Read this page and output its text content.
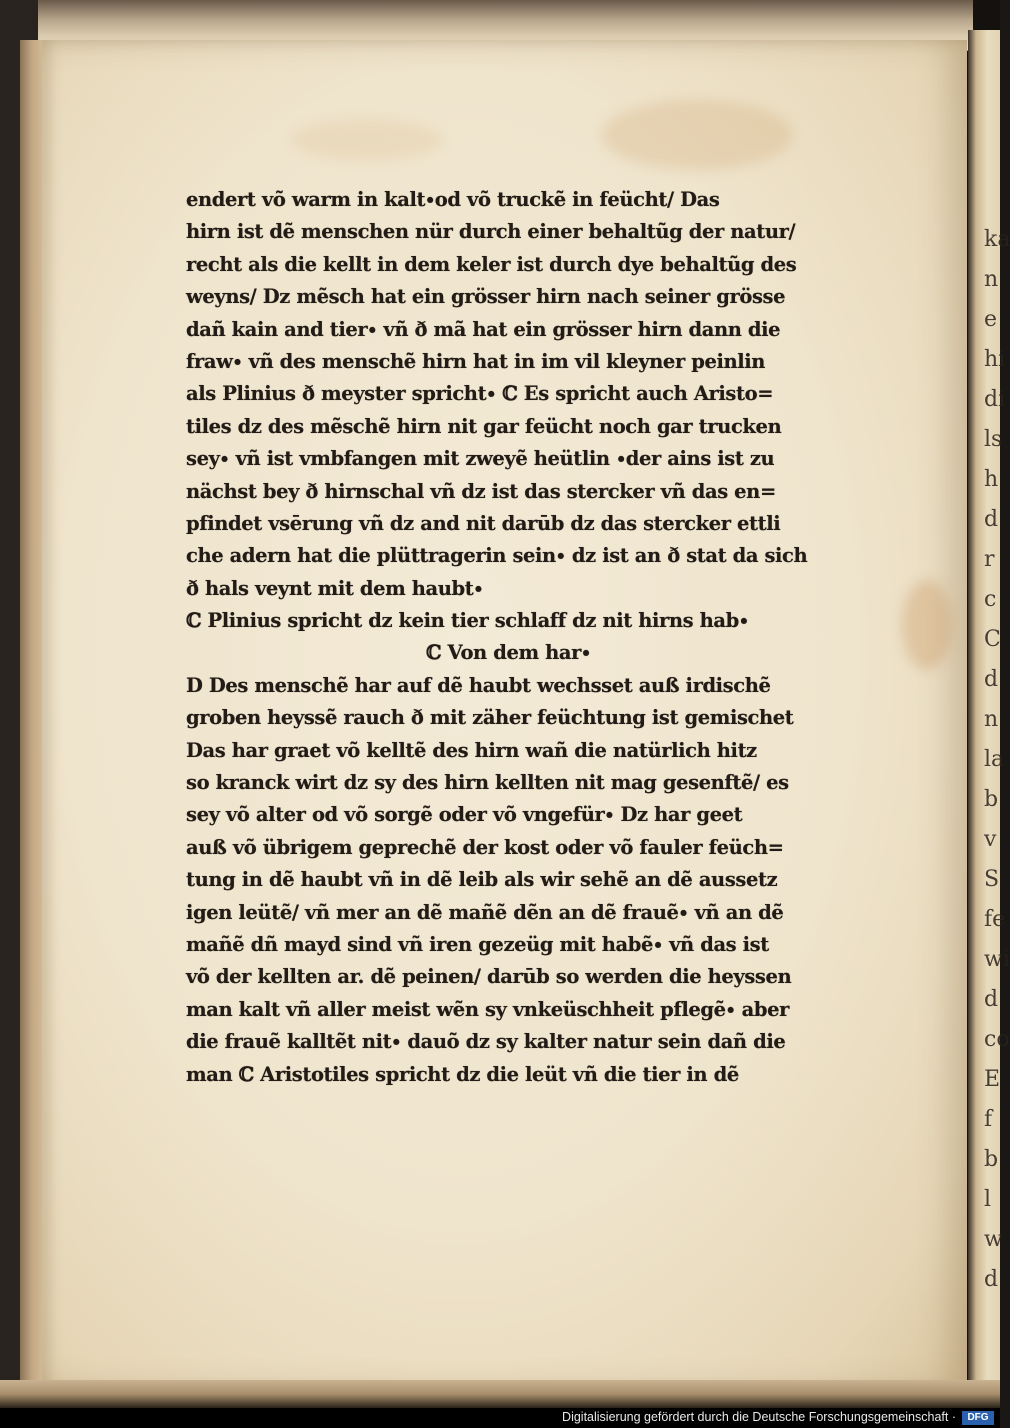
ka
n
e
hi
di
ls
h
d
r
c
C
d
n
la
b
v
S
fe
wi
d
co
E
f
b
l
w
d
endert võ warm in kalt∙od võ truckẽ in feücht/ Das
hirn ist dẽ menschen nür durch einer behaltũg der natur/
recht als die kellt in dem keler ist durch dye behaltũg des
weyns/ Dz mẽsch hat ein grösser hirn nach seiner grösse
dañ kain and tier∙ vñ ð mã hat ein grösser hirn dann die
fraw∙ vñ des menschẽ hirn hat in im vil kleyner peinlin
als Plinius ð meyster spricht∙ ℂ Es spricht auch Aristo=
tiles dz des mẽschẽ hirn nit gar feücht noch gar trucken
sey∙ vñ ist vmbfangen mit zweyẽ heütlin ∙der ains ist zu
nächst bey ð hirnschal vñ dz ist das stercker vñ das en=
pfindet vsērung vñ dz and nit darūb dz das stercker ettli
che adern hat die plüttragerin sein∙ dz ist an ð stat da sich
ð hals veynt mit dem haubt∙
ℂ Plinius spricht dz kein tier schlaff dz nit hirns hab∙
ℂ Von dem har∙
D Des menschẽ har auf dẽ haubt wechsset auß irdischẽ
groben heyssẽ rauch ð mit zäher feüchtung ist gemischet
Das har graet võ kelltẽ des hirn wañ die natürlich hitz
so kranck wirt dz sy des hirn kellten nit mag gesenftẽ/ es
sey võ alter od võ sorgẽ oder võ vngefür∙ Dz har geet
auß võ übrigem geprechẽ der kost oder võ fauler feüch=
tung in dẽ haubt vñ in dẽ leib als wir sehẽ an dẽ aussetz
igen leütẽ/ vñ mer an dẽ mañẽ dẽn an dẽ frauẽ∙ vñ an dẽ
mañẽ dñ mayd sind vñ iren gezeüg mit habẽ∙ vñ das ist
võ der kellten ar. dẽ peinen/ darūb so werden die heyssen
man kalt vñ aller meist wẽn sy vnkeüschheit pflegẽ∙ aber
die frauẽ kalltẽt nit∙ dauõ dz sy kalter natur sein dañ die
man ℂ Aristotiles spricht dz die leüt vñ die tier in dẽ
Digitalisierung gefördert durch die Deutsche Forschungsgemeinschaft ·	DFG
